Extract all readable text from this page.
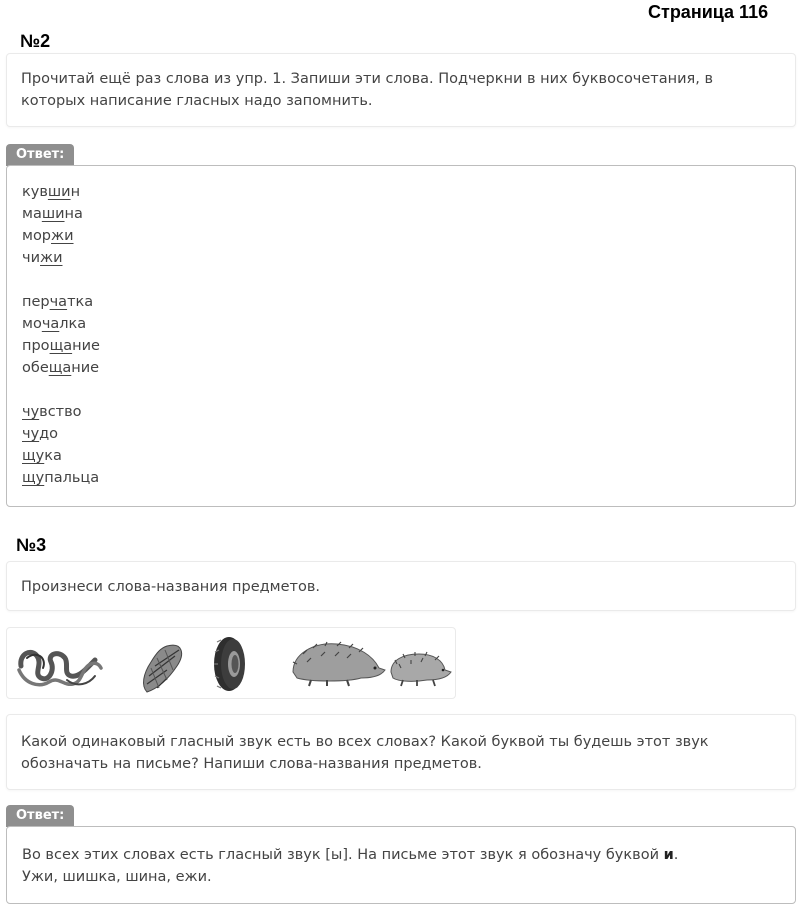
Страница 116
№2

Прочитай ещё раз слова из упр. 1. Запиши эти слова. Подчеркни в них буквосочетания, в которых написание гласных надо запомнить.

Ответ:
кувшин
машина
моржи
чижи
перчатка
мочалка
прощание
обещание
чувство
чудо
щука
щупальца
№3

Произнеси слова-названия предметов.

Какой одинаковый гласный звук есть во всех словах? Какой буквой ты будешь этот звук обозначать на письме? Напиши слова-названия предметов.

Ответ:
Во всех этих словах есть гласный звук [ы]. На письме этот звук я обозначу буквой и.
Ужи, шишка, шина, ежи.
